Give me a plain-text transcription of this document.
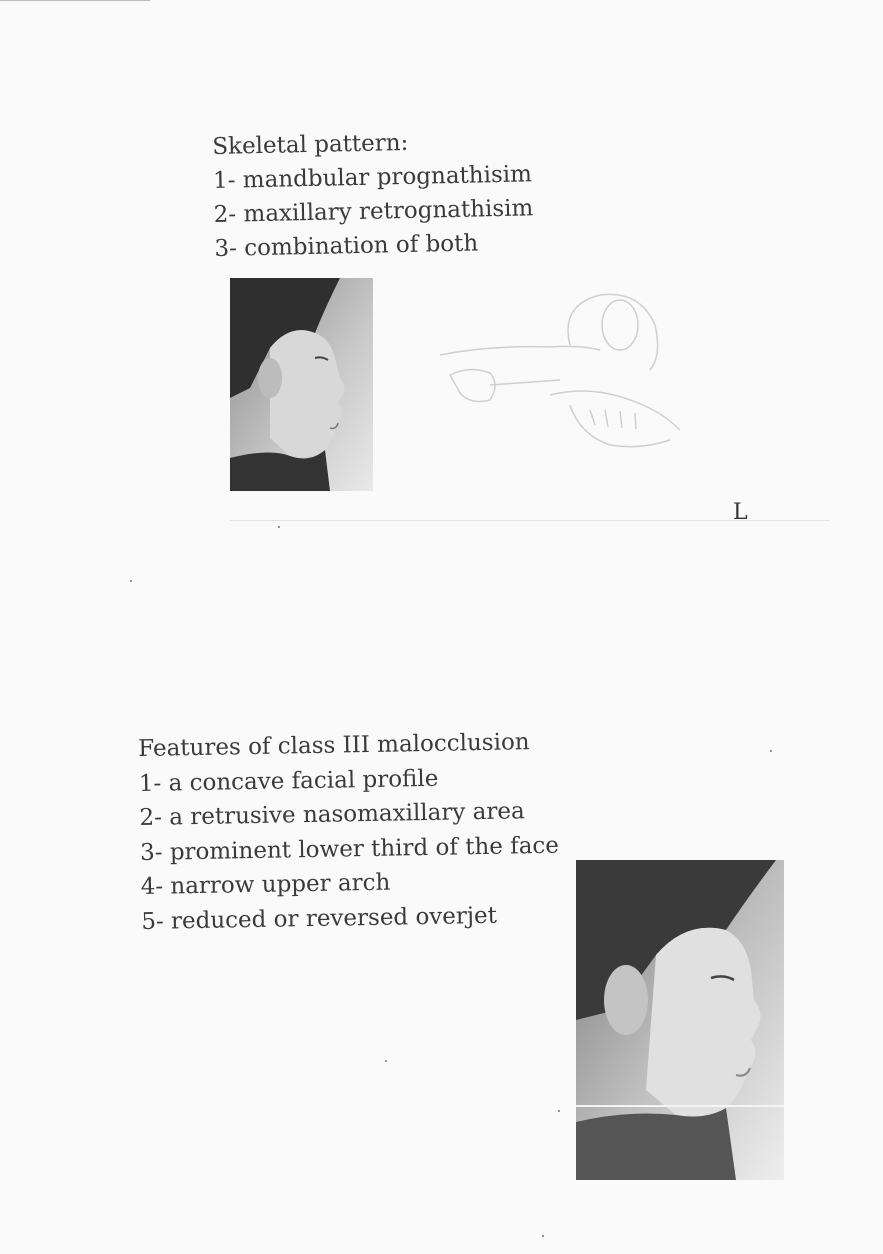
Skeletal pattern:
1- mandbular prognathisim
2- maxillary retrognathisim
3- combination of both
L
Features of class III malocclusion
1- a concave facial profile
2- a retrusive nasomaxillary area
3- prominent lower third of the face
4- narrow upper arch
5- reduced or reversed overjet
